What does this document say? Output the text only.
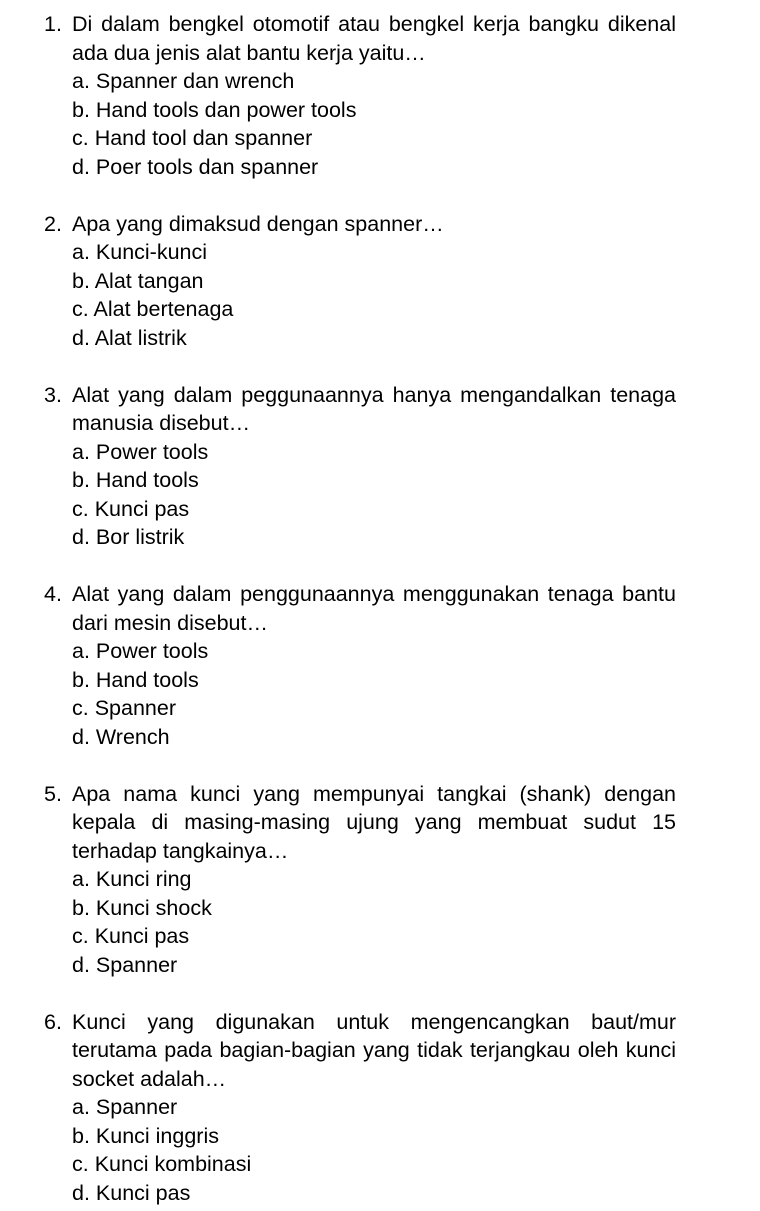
1. Di dalam bengkel otomotif atau bengkel kerja bangku dikenal ada dua jenis alat bantu kerja yaitu…
a. Spanner dan wrench
b. Hand tools dan power tools
c. Hand tool dan spanner
d. Poer tools dan spanner
2. Apa yang dimaksud dengan spanner…
a. Kunci-kunci
b. Alat tangan
c. Alat bertenaga
d. Alat listrik
3. Alat yang dalam peggunaannya hanya mengandalkan tenaga manusia disebut…
a. Power tools
b. Hand tools
c. Kunci pas
d. Bor listrik
4. Alat yang dalam penggunaannya menggunakan tenaga bantu dari mesin disebut…
a. Power tools
b. Hand tools
c. Spanner
d. Wrench
5. Apa nama kunci yang mempunyai tangkai (shank) dengan kepala di masing-masing ujung yang membuat sudut 15 terhadap tangkainya…
a. Kunci ring
b. Kunci shock
c. Kunci pas
d. Spanner
6. Kunci yang digunakan untuk mengencangkan baut/mur terutama pada bagian-bagian yang tidak terjangkau oleh kunci socket adalah…
a. Spanner
b. Kunci inggris
c. Kunci kombinasi
d. Kunci pas
